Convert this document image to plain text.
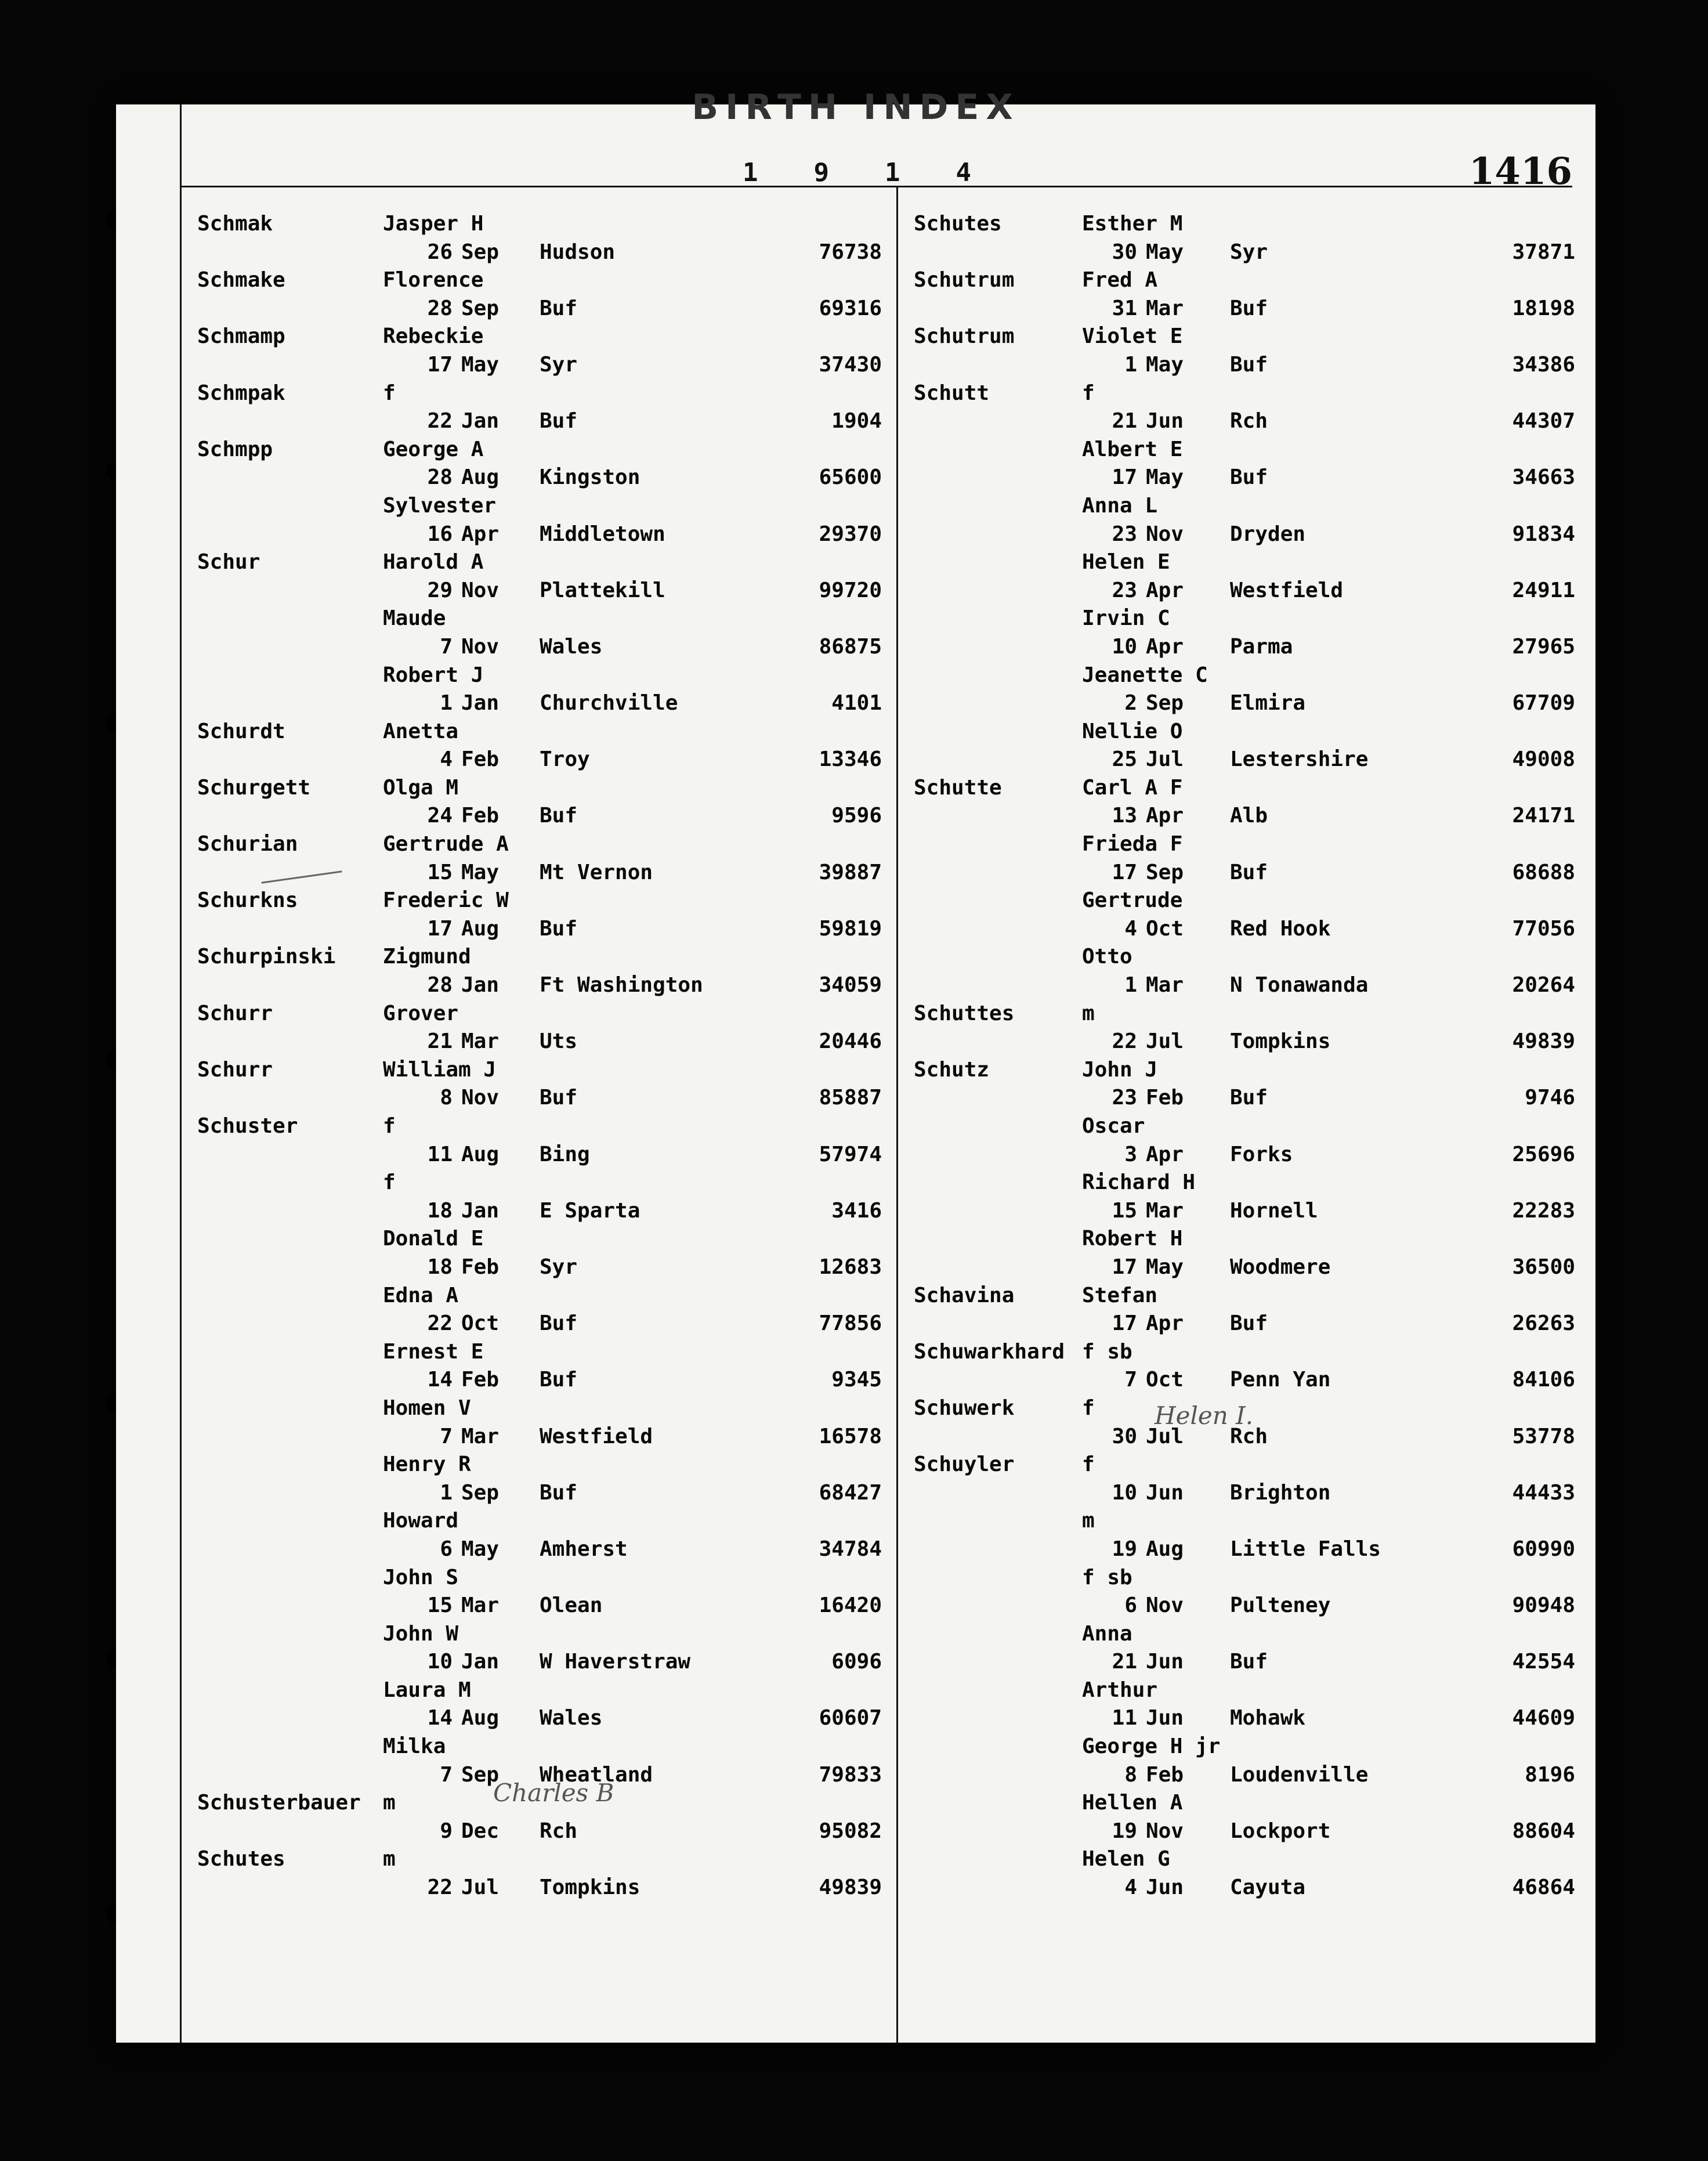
BIRTH INDEX
1914	1416
Schmak	Jasper H
26 Sep Hudson	76738
Schmake	Florence
28 Sep Buf	69316
Schmamp	Rebeckie
17 May Syr	37430
Schmpak	f
22 Jan Buf	1904
Schmpp	George A
28 Aug Kingston	65600
Sylvester
16 Apr Middletown	29370
Schur	Harold A
29 Nov Plattekill	99720
Maude
7 Nov Wales	86875
Robert J
1 Jan Churchville	4101
Schurdt	Anetta
4 Feb Troy	13346
Schurgett	Olga M
24 Feb Buf	9596
Schurian	Gertrude A
15 May Mt Vernon	39887
Schurkns	Frederic W
17 Aug Buf	59819
Schurpinski Zigmund
28 Jan Ft Washington	34059
Schurr	Grover
21 Mar Uts	20446
Schurr	William J
8 Nov Buf	85887
Schuster	f
11 Aug Bing	57974
f
18 Jan E Sparta	3416
Donald E
18 Feb Syr	12683
Edna A
22 Oct Buf	77856
Ernest E
14 Feb Buf	9345
Homen V
7 Mar Westfield	16578
Henry R
1 Sep Buf	68427
Howard
6 May Amherst	34784
John S
15 Mar Olean	16420
John W
10 Jan W Haverstraw	6096
Laura M
14 Aug Wales	60607
Milka
7 Sep Wheatland	79833
Schusterbauer m
9 Dec Rch	95082
Schutes	m
22 Jul Tompkins	49839
Schutes	Esther M
30 May Syr	37871
Schutrum	Fred A
31 Mar Buf	18198
Schutrum	Violet E
1 May Buf	34386
Schutt	f
21 Jun Rch	44307
Albert E
17 May Buf	34663
Anna L
23 Nov Dryden	91834
Helen E
23 Apr Westfield	24911
Irvin C
10 Apr Parma	27965
Jeanette C
2 Sep Elmira	67709
Nellie O
25 Jul Lestershire	49008
Schutte	Carl A F
13 Apr Alb	24171
Frieda F
17 Sep Buf	68688
Gertrude
4 Oct Red Hook	77056
Otto
1 Mar N Tonawanda	20264
Schuttes	m
22 Jul Tompkins	49839
Schutz	John J
23 Feb Buf	9746
Oscar
3 Apr Forks	25696
Richard H
15 Mar Hornell	22283
Robert H
17 May Woodmere	36500
Schavina	Stefan
17 Apr Buf	26263
Schuwarkhard f sb
7 Oct Penn Yan	84106
Schuwerk	f
30 Jul Rch	53778
Schuyler	f
10 Jun Brighton	44433
m
19 Aug Little Falls	60990
f sb
6 Nov Pulteney	90948
Anna
21 Jun Buf	42554
Arthur
11 Jun Mohawk	44609
George H jr
8 Feb Loudenville	8196
Hellen A
19 Nov Lockport	88604
Helen G
4 Jun Cayuta	46864
Charles B
Helen I.
